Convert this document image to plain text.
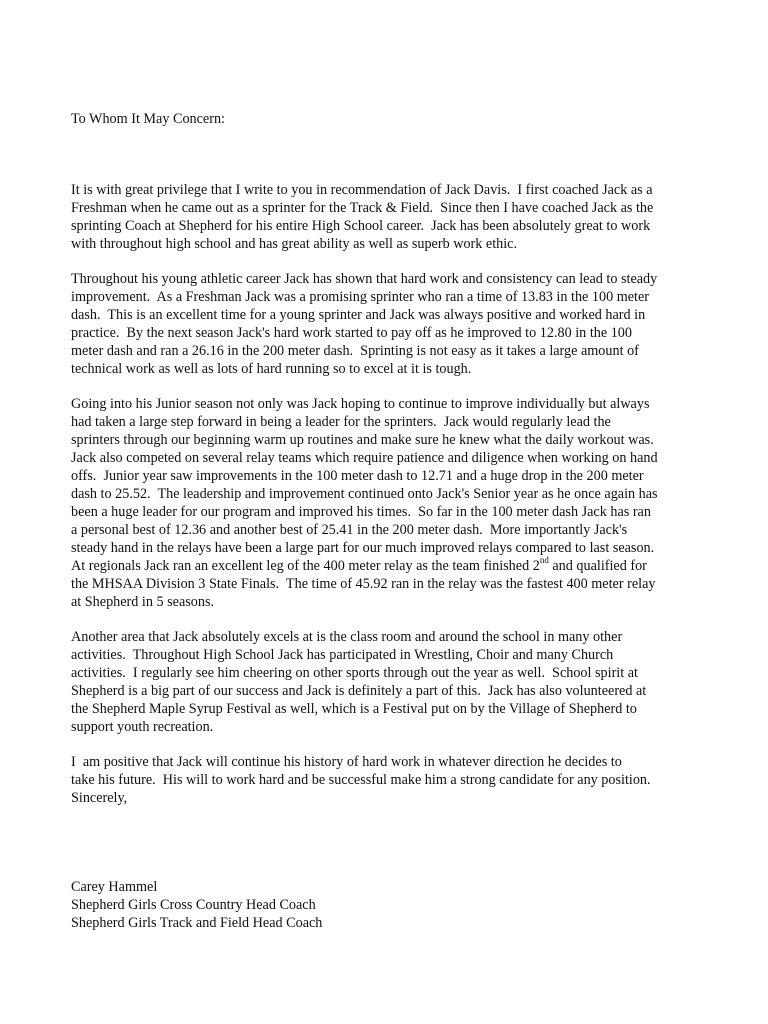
To Whom It May Concern:

It is with great privilege that I write to you in recommendation of Jack Davis.  I first coached Jack as a

Freshman when he came out as a sprinter for the Track & Field.  Since then I have coached Jack as the

sprinting Coach at Shepherd for his entire High School career.  Jack has been absolutely great to work

with throughout high school and has great ability as well as superb work ethic.

Throughout his young athletic career Jack has shown that hard work and consistency can lead to steady

improvement.  As a Freshman Jack was a promising sprinter who ran a time of 13.83 in the 100 meter

dash.  This is an excellent time for a young sprinter and Jack was always positive and worked hard in

practice.  By the next season Jack's hard work started to pay off as he improved to 12.80 in the 100

meter dash and ran a 26.16 in the 200 meter dash.  Sprinting is not easy as it takes a large amount of

technical work as well as lots of hard running so to excel at it is tough.

Going into his Junior season not only was Jack hoping to continue to improve individually but always

had taken a large step forward in being a leader for the sprinters.  Jack would regularly lead the

sprinters through our beginning warm up routines and make sure he knew what the daily workout was.

Jack also competed on several relay teams which require patience and diligence when working on hand

offs.  Junior year saw improvements in the 100 meter dash to 12.71 and a huge drop in the 200 meter

dash to 25.52.  The leadership and improvement continued onto Jack's Senior year as he once again has

been a huge leader for our program and improved his times.  So far in the 100 meter dash Jack has ran

a personal best of 12.36 and another best of 25.41 in the 200 meter dash.  More importantly Jack's

steady hand in the relays have been a large part for our much improved relays compared to last season.

At regionals Jack ran an excellent leg of the 400 meter relay as the team finished 2nd and qualified for

the MHSAA Division 3 State Finals.  The time of 45.92 ran in the relay was the fastest 400 meter relay

at Shepherd in 5 seasons.

Another area that Jack absolutely excels at is the class room and around the school in many other

activities.  Throughout High School Jack has participated in Wrestling, Choir and many Church

activities.  I regularly see him cheering on other sports through out the year as well.  School spirit at

Shepherd is a big part of our success and Jack is definitely a part of this.  Jack has also volunteered at

the Shepherd Maple Syrup Festival as well, which is a Festival put on by the Village of Shepherd to

support youth recreation.

I  am positive that Jack will continue his history of hard work in whatever direction he decides to

take his future.  His will to work hard and be successful make him a strong candidate for any position.

Sincerely,

Carey Hammel

Shepherd Girls Cross Country Head Coach

Shepherd Girls Track and Field Head Coach
